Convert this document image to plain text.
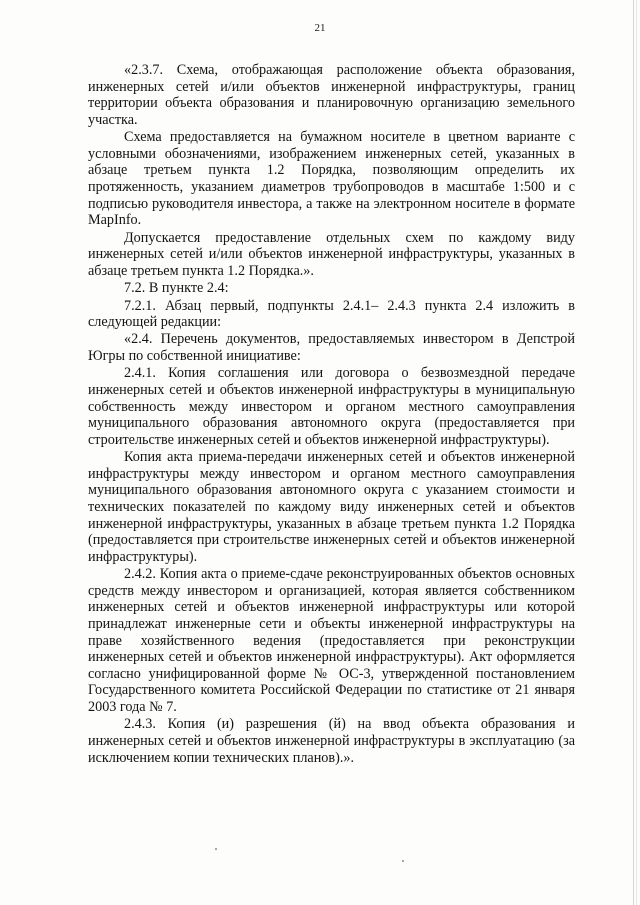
21

«2.3.7. Схема, отображающая расположение объекта образования, инженерных сетей и/или объектов инженерной инфраструктуры, границ территории объекта образования и планировочную организацию земельного участка.

Схема предоставляется на бумажном носителе в цветном варианте с условными обозначениями, изображением инженерных сетей, указанных в абзаце третьем пункта 1.2 Порядка, позволяющим определить их протяженность, указанием диаметров трубопроводов в масштабе 1:500 и с подписью руководителя инвестора, а также на электронном носителе в формате MapInfo.

Допускается предоставление отдельных схем по каждому виду инженерных сетей и/или объектов инженерной инфраструктуры, указанных в абзаце третьем пункта 1.2 Порядка.».

7.2. В пункте 2.4:

7.2.1. Абзац первый, подпункты 2.4.1– 2.4.3 пункта 2.4 изложить в следующей редакции:

«2.4. Перечень документов, предоставляемых инвестором в Депстрой Югры по собственной инициативе:

2.4.1. Копия соглашения или договора о безвозмездной передаче инженерных сетей и объектов инженерной инфраструктуры в муниципальную собственность между инвестором и органом местного самоуправления муниципального образования автономного округа (предоставляется при строительстве инженерных сетей и объектов инженерной инфраструктуры).

Копия акта приема-передачи инженерных сетей и объектов инженерной инфраструктуры между инвестором и органом местного самоуправления муниципального образования автономного округа с указанием стоимости и технических показателей по каждому виду инженерных сетей и объектов инженерной инфраструктуры, указанных в абзаце третьем пункта 1.2 Порядка (предоставляется при строительстве инженерных сетей и объектов инженерной инфраструктуры).

2.4.2. Копия акта о приеме-сдаче реконструированных объектов основных средств между инвестором и организацией, которая является собственником инженерных сетей и объектов инженерной инфраструктуры или которой принадлежат инженерные сети и объекты инженерной инфраструктуры на праве хозяйственного ведения (предоставляется при реконструкции инженерных сетей и объектов инженерной инфраструктуры). Акт оформляется согласно унифицированной форме № ОС-3, утвержденной постановлением Государственного комитета Российской Федерации по статистике от 21 января 2003 года № 7.

2.4.3. Копия (и) разрешения (й) на ввод объекта образования и инженерных сетей и объектов инженерной инфраструктуры в эксплуатацию (за исключением копии технических планов).».
